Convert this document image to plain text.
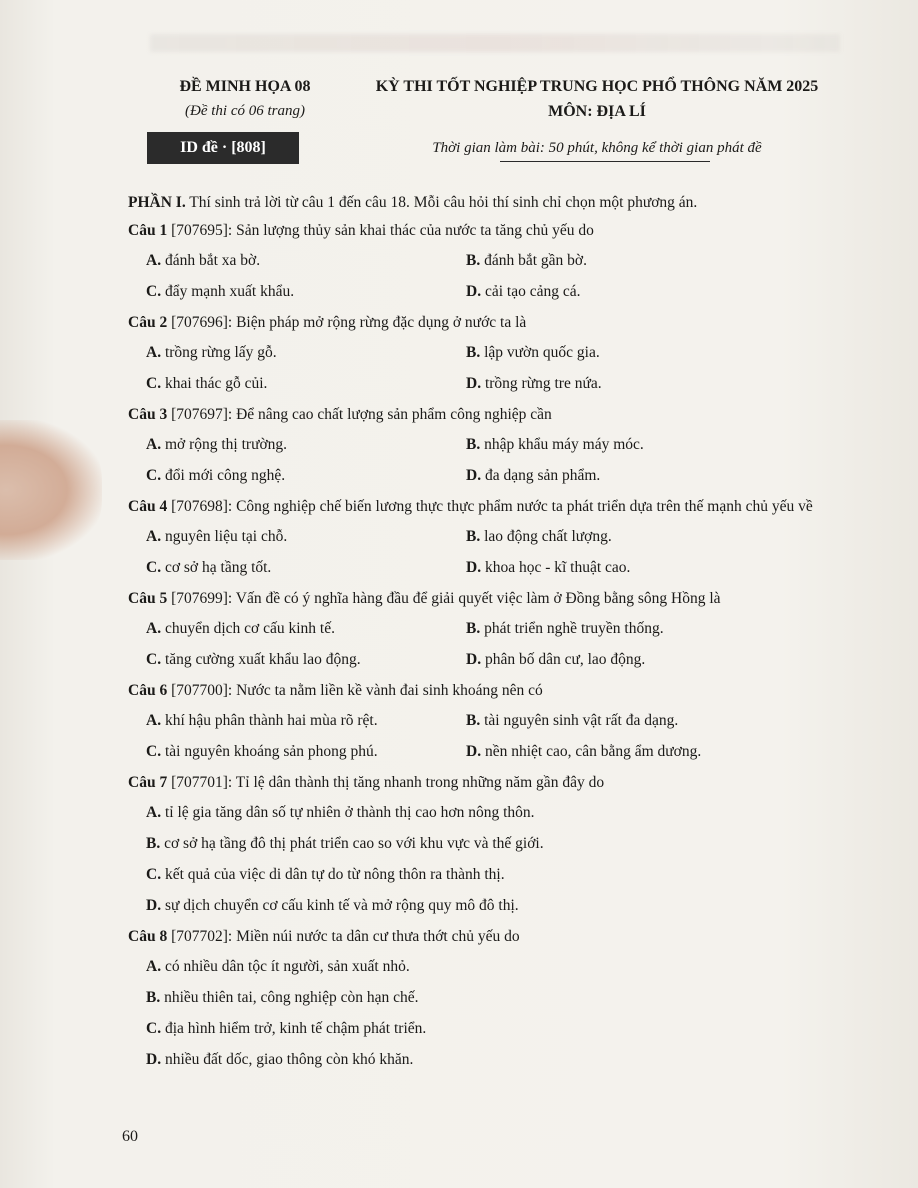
ĐỀ MINH HỌA 08
(Đề thi có 06 trang)
ID đề · [808]
KỲ THI TỐT NGHIỆP TRUNG HỌC PHỔ THÔNG NĂM 2025
MÔN: ĐỊA LÍ
Thời gian làm bài: 50 phút, không kể thời gian phát đề
PHẦN I. Thí sinh trả lời từ câu 1 đến câu 18. Mỗi câu hỏi thí sinh chỉ chọn một phương án.
Câu 1 [707695]: Sản lượng thủy sản khai thác của nước ta tăng chủ yếu do
A. đánh bắt xa bờ.	B. đánh bắt gần bờ.
C. đẩy mạnh xuất khẩu.	D. cải tạo cảng cá.
Câu 2 [707696]: Biện pháp mở rộng rừng đặc dụng ở nước ta là
A. trồng rừng lấy gỗ.	B. lập vườn quốc gia.
C. khai thác gỗ củi.	D. trồng rừng tre nứa.
Câu 3 [707697]: Để nâng cao chất lượng sản phẩm công nghiệp cần
A. mở rộng thị trường.	B. nhập khẩu máy máy móc.
C. đổi mới công nghệ.	D. đa dạng sản phẩm.
Câu 4 [707698]: Công nghiệp chế biến lương thực thực phẩm nước ta phát triển dựa trên thế mạnh chủ yếu về
A. nguyên liệu tại chỗ.	B. lao động chất lượng.
C. cơ sở hạ tầng tốt.	D. khoa học - kĩ thuật cao.
Câu 5 [707699]: Vấn đề có ý nghĩa hàng đầu để giải quyết việc làm ở Đồng bằng sông Hồng là
A. chuyển dịch cơ cấu kinh tế.	B. phát triển nghề truyền thống.
C. tăng cường xuất khẩu lao động.	D. phân bố dân cư, lao động.
Câu 6 [707700]: Nước ta nằm liền kề vành đai sinh khoáng nên có
A. khí hậu phân thành hai mùa rõ rệt.	B. tài nguyên sinh vật rất đa dạng.
C. tài nguyên khoáng sản phong phú.	D. nền nhiệt cao, cân bằng ẩm dương.
Câu 7 [707701]: Tỉ lệ dân thành thị tăng nhanh trong những năm gần đây do
A. tỉ lệ gia tăng dân số tự nhiên ở thành thị cao hơn nông thôn.
B. cơ sở hạ tầng đô thị phát triển cao so với khu vực và thế giới.
C. kết quả của việc di dân tự do từ nông thôn ra thành thị.
D. sự dịch chuyển cơ cấu kinh tế và mở rộng quy mô đô thị.
Câu 8 [707702]: Miền núi nước ta dân cư thưa thớt chủ yếu do
A. có nhiều dân tộc ít người, sản xuất nhỏ.
B. nhiều thiên tai, công nghiệp còn hạn chế.
C. địa hình hiểm trở, kinh tế chậm phát triển.
D. nhiều đất dốc, giao thông còn khó khăn.
60
